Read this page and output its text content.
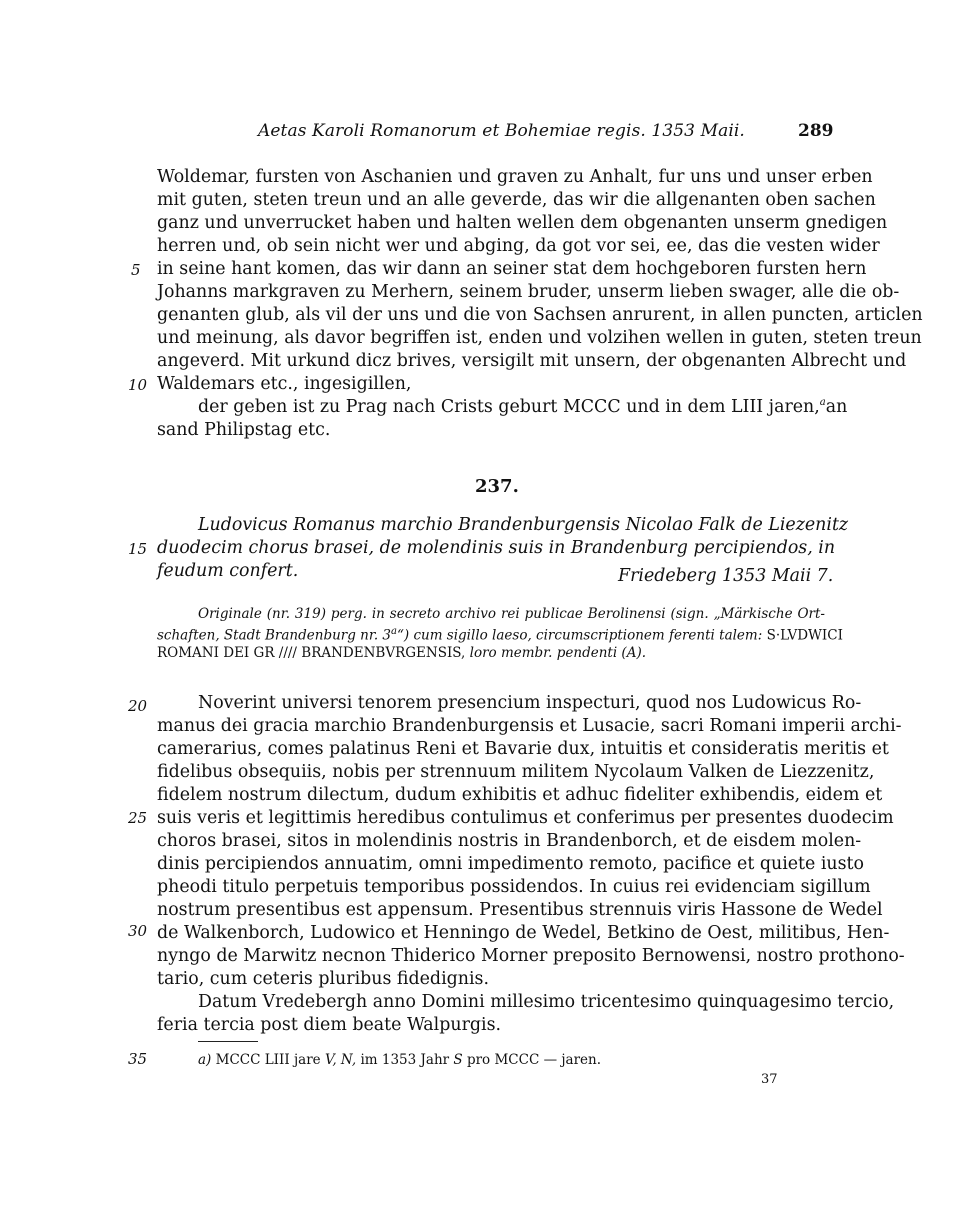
Aetas Karoli Romanorum et Bohemiae regis. 1353 Maii.	289
Woldemar, fursten von Aschanien und graven zu Anhalt, fur uns und unser erben
mit guten, steten treun und an alle geverde, das wir die allgenanten oben sachen
ganz und unverrucket haben und halten wellen dem obgenanten unserm gnedigen
herren und, ob sein nicht wer und abging, da got vor sei, ee, das die vesten wider
in seine hant komen, das wir dann an seiner stat dem hochgeboren fursten hern
Johanns markgraven zu Merhern, seinem bruder, unserm lieben swager, alle die ob-
genanten glub, als vil der uns und die von Sachsen anrurent, in allen puncten, articlen
und meinung, als davor begriffen ist, enden und volzihen wellen in guten, steten treun
angeverd. Mit urkund dicz brives, versigilt mit unsern, der obgenanten Albrecht und
Waldemars etc., ingesigillen,
der geben ist zu Prag nach Crists geburt MCCC und in dem LIII jaren,$^a$ an
sand Philipstag etc.
5
10
15
20
25
30
35
237.
Ludovicus Romanus marchio Brandenburgensis Nicolao Falk de Liezenitz
duodecim chorus brasei, de molendinis suis in Brandenburg percipiendos, in
feudum confert.	Friedeberg 1353 Maii 7.
Originale (nr. 319) perg. in secreto archivo rei publicae Berolinensi (sign. „Märkische Ort-
schaften, Stadt Brandenburg nr. 3$^a$“) cum sigillo laeso, circumscriptionem ferenti talem: S·LVDWICI
ROMANI DEI GR //// BRANDENBVRGENSIS, loro membr. pendenti (A).
Noverint universi tenorem presencium inspecturi, quod nos Ludowicus Ro-
manus dei gracia marchio Brandenburgensis et Lusacie, sacri Romani imperii archi-
camerarius, comes palatinus Reni et Bavarie dux, intuitis et consideratis meritis et
fidelibus obsequiis, nobis per strennuum militem Nycolaum Valken de Liezzenitz,
fidelem nostrum dilectum, dudum exhibitis et adhuc fideliter exhibendis, eidem et
suis veris et legittimis heredibus contulimus et conferimus per presentes duodecim
choros brasei, sitos in molendinis nostris in Brandenborch, et de eisdem molen-
dinis percipiendos annuatim, omni impedimento remoto, pacifice et quiete iusto
pheodi titulo perpetuis temporibus possidendos. In cuius rei evidenciam sigillum
nostrum presentibus est appensum. Presentibus strennuis viris Hassone de Wedel
de Walkenborch, Ludowico et Henningo de Wedel, Betkino de Oest, militibus, Hen-
nyngo de Marwitz necnon Thiderico Morner preposito Bernowensi, nostro prothono-
tario, cum ceteris pluribus fidedignis.
Datum Vredebergh anno Domini millesimo tricentesimo quinquagesimo tercio,
feria tercia post diem beate Walpurgis.
a) MCCC LIII jare V, N, im 1353 Jahr S pro MCCC — jaren.
37
